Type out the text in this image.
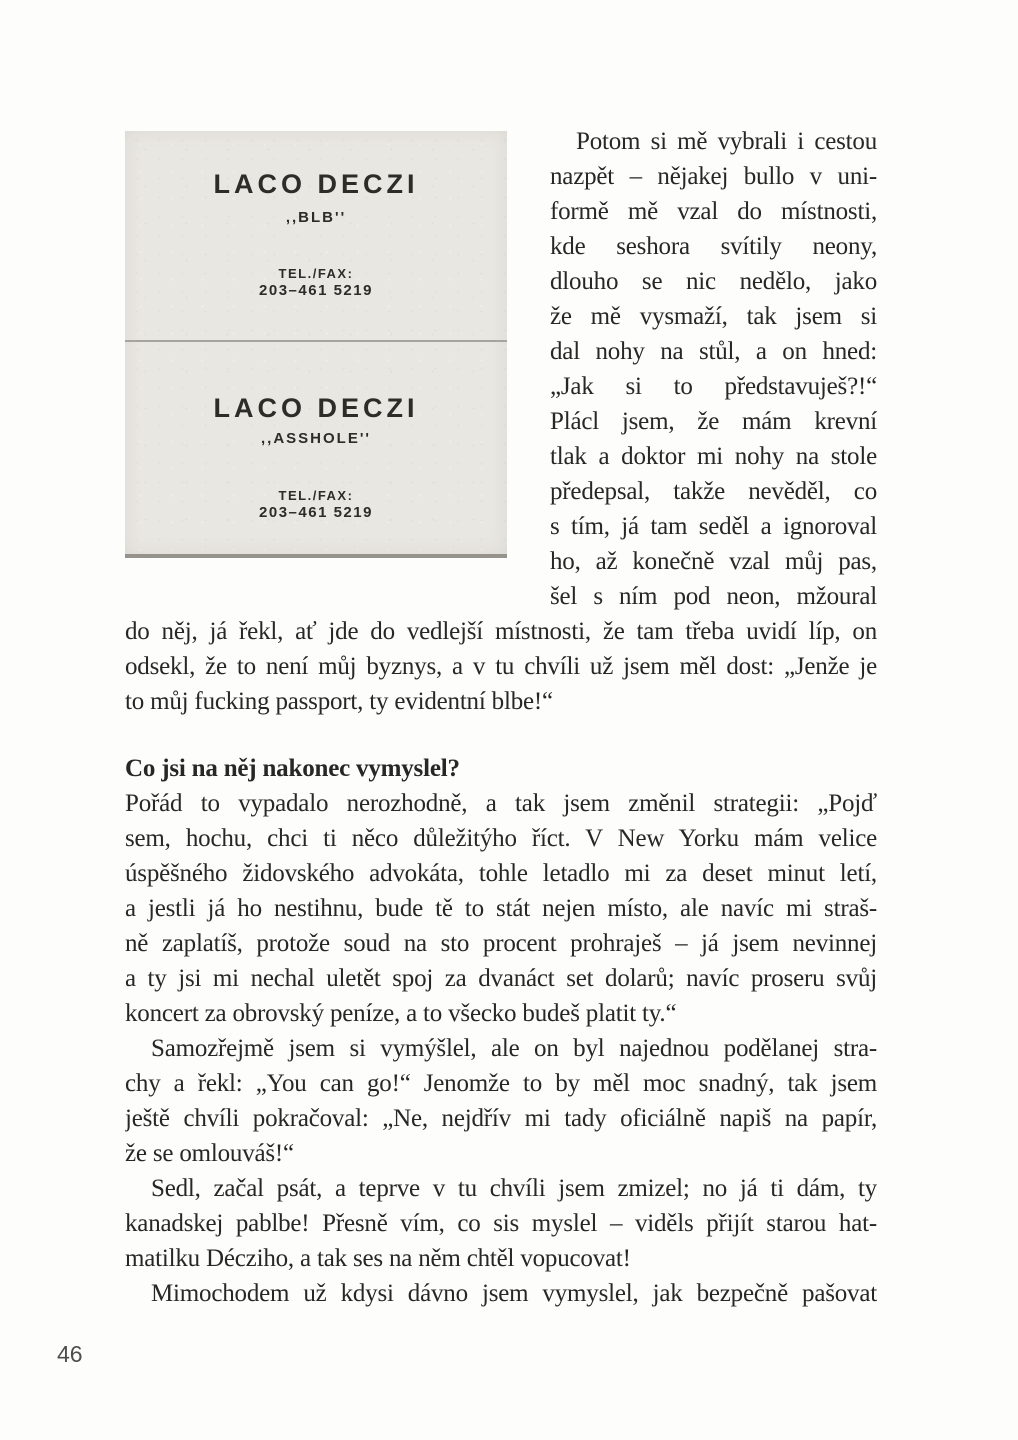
LACO DECZI
,,BLB''
TEL./FAX:
203–461 5219
LACO DECZI
,,ASSHOLE''
TEL./FAX:
203–461 5219
Potom si mě vybrali i cestou
nazpět – nějakej bullo v uni-
formě mě vzal do místnosti,
kde seshora svítily neony,
dlouho se nic nedělo, jako
že mě vysmaží, tak jsem si
dal nohy na stůl, a on hned:
„Jak si to představuješ?!“
Plácl jsem, že mám krevní
tlak a doktor mi nohy na stole
předepsal, takže nevěděl, co
s tím, já tam seděl a ignoroval
ho, až konečně vzal můj pas,
šel s ním pod neon, mžoural
do něj, já řekl, ať jde do vedlejší místnosti, že tam třeba uvidí líp, on
odsekl, že to není můj byznys, a v tu chvíli už jsem měl dost: „Jenže je
to můj fucking passport, ty evidentní blbe!“
Co jsi na něj nakonec vymyslel?
Pořád to vypadalo nerozhodně, a tak jsem změnil strategii: „Pojď
sem, hochu, chci ti něco důležitýho říct. V New Yorku mám velice
úspěšného židovského advokáta, tohle letadlo mi za deset minut letí,
a jestli já ho nestihnu, bude tě to stát nejen místo, ale navíc mi straš-
ně zaplatíš, protože soud na sto procent prohraješ – já jsem nevinnej
a ty jsi mi nechal uletět spoj za dvanáct set dolarů; navíc proseru svůj
koncert za obrovský peníze, a to všecko budeš platit ty.“
Samozřejmě jsem si vymýšlel, ale on byl najednou podělanej stra-
chy a řekl: „You can go!“ Jenomže to by měl moc snadný, tak jsem
ještě chvíli pokračoval: „Ne, nejdřív mi tady oficiálně napiš na papír,
že se omlouváš!“
Sedl, začal psát, a teprve v tu chvíli jsem zmizel; no já ti dám, ty
kanadskej pablbe! Přesně vím, co sis myslel – viděls přijít starou hat-
matilku Décziho, a tak ses na něm chtěl vopucovat!
Mimochodem už kdysi dávno jsem vymyslel, jak bezpečně pašovat
46
